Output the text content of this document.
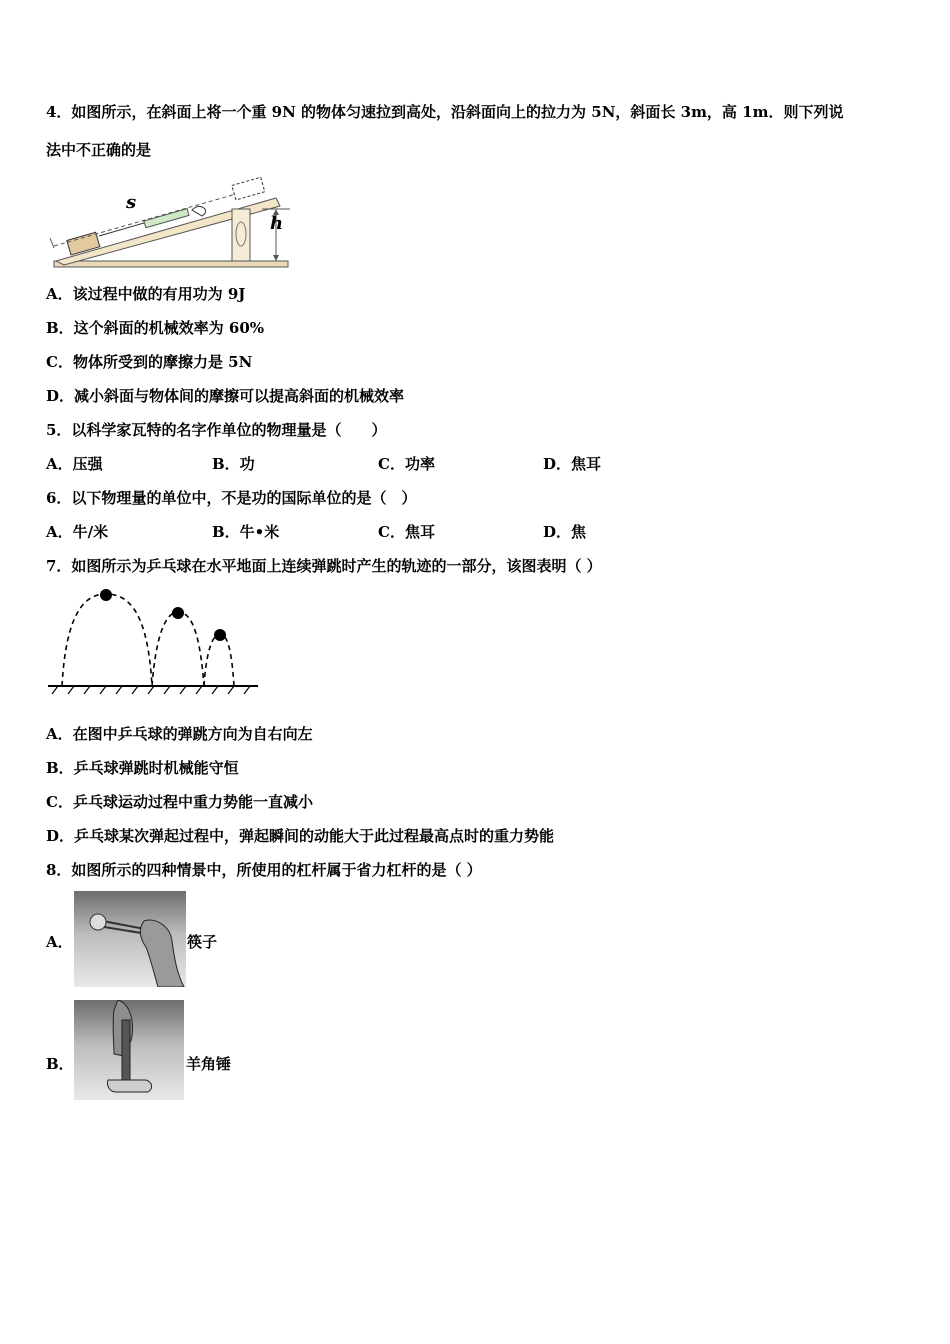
4．如图所示，在斜面上将一个重 9N 的物体匀速拉到高处，沿斜面向上的拉力为 5N，斜面长 3m，高 1m．则下列说
法中不正确的是
s
h
A．该过程中做的有用功为 9J
B．这个斜面的机械效率为 60%
C．物体所受到的摩擦力是 5N
D．减小斜面与物体间的摩擦可以提高斜面的机械效率
5．以科学家瓦特的名字作单位的物理量是（　　）
A．压强	B．功	C．功率	D．焦耳
6．以下物理量的单位中，不是功的国际单位的是（　）
A．牛/米	B．牛•米	C．焦耳	D．焦
7．如图所示为乒乓球在水平地面上连续弹跳时产生的轨迹的一部分，该图表明（ ）
A．在图中乒乓球的弹跳方向为自右向左
B．乒乓球弹跳时机械能守恒
C．乒乓球运动过程中重力势能一直减小
D．乒乓球某次弹起过程中，弹起瞬间的动能大于此过程最高点时的重力势能
8．如图所示的四种情景中，所使用的杠杆属于省力杠杆的是（ ）
A．	筷子
B．	羊角锤
